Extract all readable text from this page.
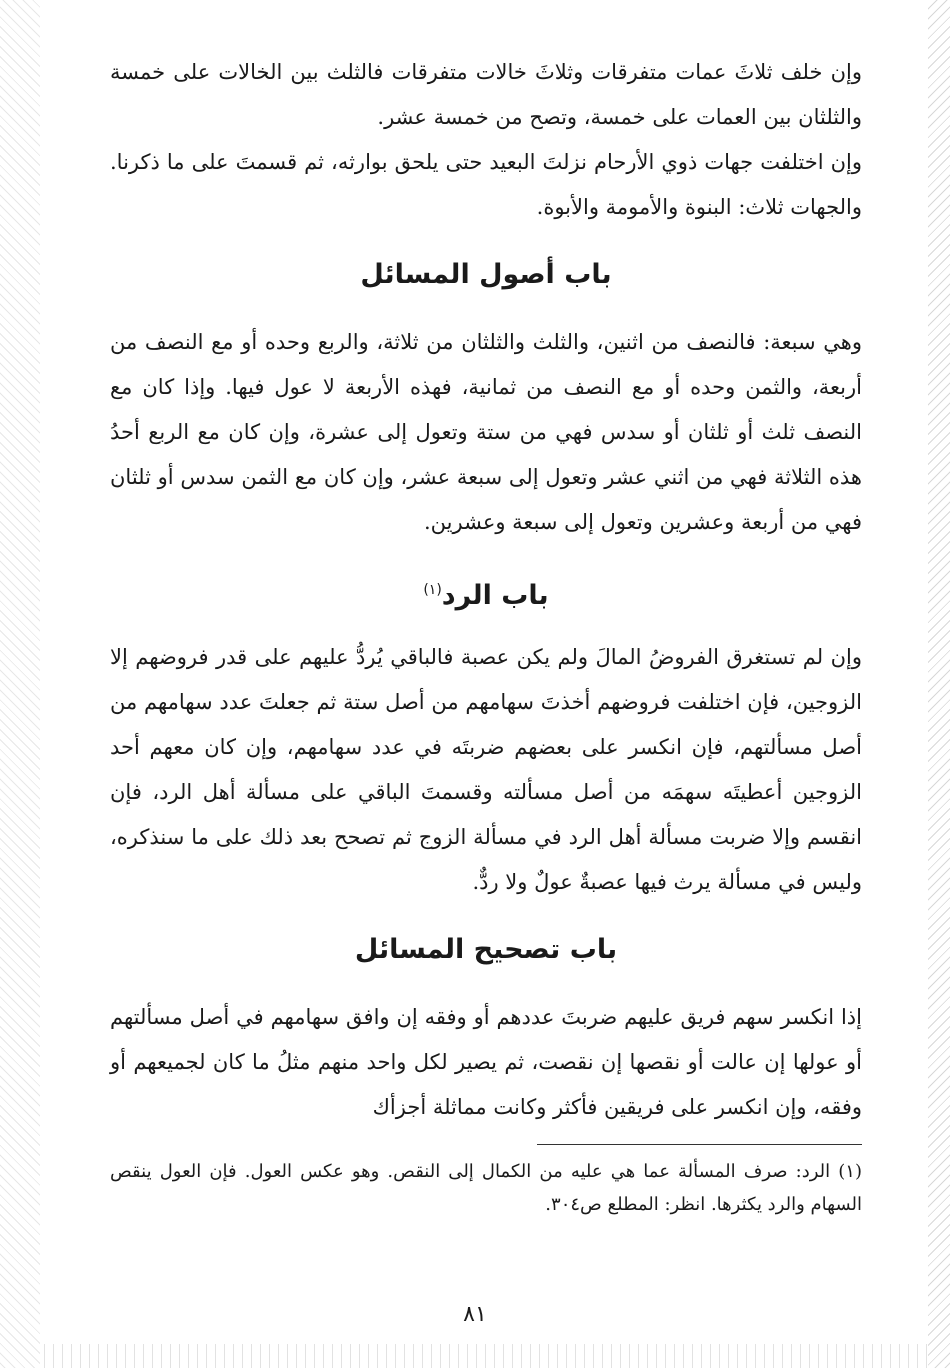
وإن خلف ثلاثَ عمات متفرقات وثلاثَ خالات متفرقات فالثلث بين الخالات على خمسة والثلثان بين العمات على خمسة، وتصح من خمسة عشر.

وإن اختلفت جهات ذوي الأرحام نزلتَ البعيد حتى يلحق بوارثه، ثم قسمتَ على ما ذكرنا. والجهات ثلاث: البنوة والأمومة والأبوة.

باب أصول المسائل

وهي سبعة: فالنصف من اثنين، والثلث والثلثان من ثلاثة، والربع وحده أو مع النصف من أربعة، والثمن وحده أو مع النصف من ثمانية، فهذه الأربعة لا عول فيها. وإذا كان مع النصف ثلث أو ثلثان أو سدس فهي من ستة وتعول إلى عشرة، وإن كان مع الربع أحدُ هذه الثلاثة فهي من اثني عشر وتعول إلى سبعة عشر، وإن كان مع الثمن سدس أو ثلثان فهي من أربعة وعشرين وتعول إلى سبعة وعشرين.

باب الرد$^{(١)}$

وإن لم تستغرق الفروضُ المالَ ولم يكن عصبة فالباقي يُردُّ عليهم على قدر فروضهم إلا الزوجين، فإن اختلفت فروضهم أخذتَ سهامهم من أصل ستة ثم جعلتَ عدد سهامهم من أصل مسألتهم، فإن انكسر على بعضهم ضربتَه في عدد سهامهم، وإن كان معهم أحد الزوجين أعطيتَه سهمَه من أصل مسألته وقسمتَ الباقي على مسألة أهل الرد، فإن انقسم وإلا ضربت مسألة أهل الرد في مسألة الزوج ثم تصحح بعد ذلك على ما سنذكره، وليس في مسألة يرث فيها عصبةٌ عولٌ ولا ردٌّ.

باب تصحيح المسائل

إذا انكسر سهم فريق عليهم ضربتَ عددهم أو وفقه إن وافق سهامهم في أصل مسألتهم أو عولها إن عالت أو نقصها إن نقصت، ثم يصير لكل واحد منهم مثلُ ما كان لجميعهم أو وفقه، وإن انكسر على فريقين فأكثر وكانت مماثلة أجزأك

(١) الرد: صرف المسألة عما هي عليه من الكمال إلى النقص. وهو عكس العول. فإن العول ينقص السهام والرد يكثرها. انظر: المطلع ص٣٠٤.

٨١
